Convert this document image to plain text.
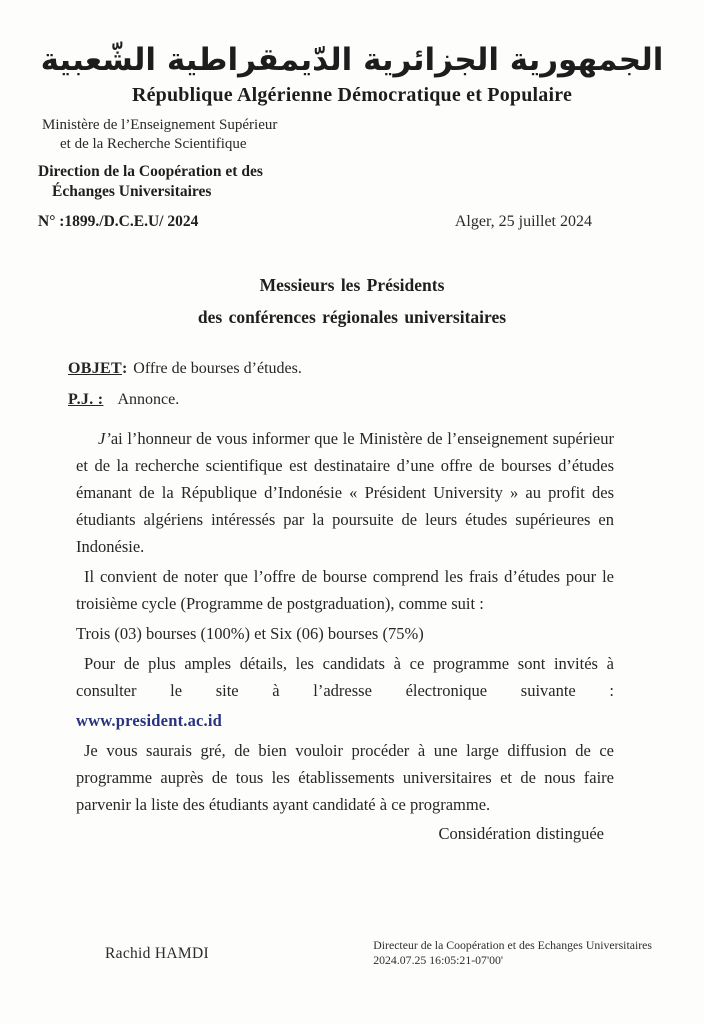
الجمهورية الجزائرية الدّيمقراطية الشّعبية
République Algérienne Démocratique et Populaire
Ministère de l’Enseignement Supérieur
et de la Recherche Scientifique
Direction de la Coopération et des
Échanges Universitaires
N° :1899./D.C.E.U/ 2024	Alger, 25 juillet 2024
Messieurs les Présidents
des conférences régionales universitaires
OBJET: Offre de bourses d’études.
P.J. : Annonce.

J’ai l’honneur de vous informer que le Ministère de l’enseignement supérieur et de la recherche scientifique est destinataire d’une offre de bourses d’études émanant de la République d’Indonésie « Président University » au profit des étudiants algériens intéressés par la poursuite de leurs études supérieures en Indonésie.

Il convient de noter que l’offre de bourse comprend les frais d’études pour le troisième cycle (Programme de postgraduation), comme suit :

Trois (03) bourses (100%) et Six (06) bourses (75%)

Pour de plus amples détails, les candidats à ce programme sont invités à consulter le site à l’adresse électronique suivante :

www.president.ac.id

Je vous saurais gré, de bien vouloir procéder à une large diffusion de ce programme auprès de tous les établissements universitaires et de nous faire parvenir la liste des étudiants ayant candidaté à ce programme.

Considération distinguée
Rachid HAMDI	Directeur de la Coopération et des Echanges Universitaires
2024.07.25 16:05:21-07'00'
